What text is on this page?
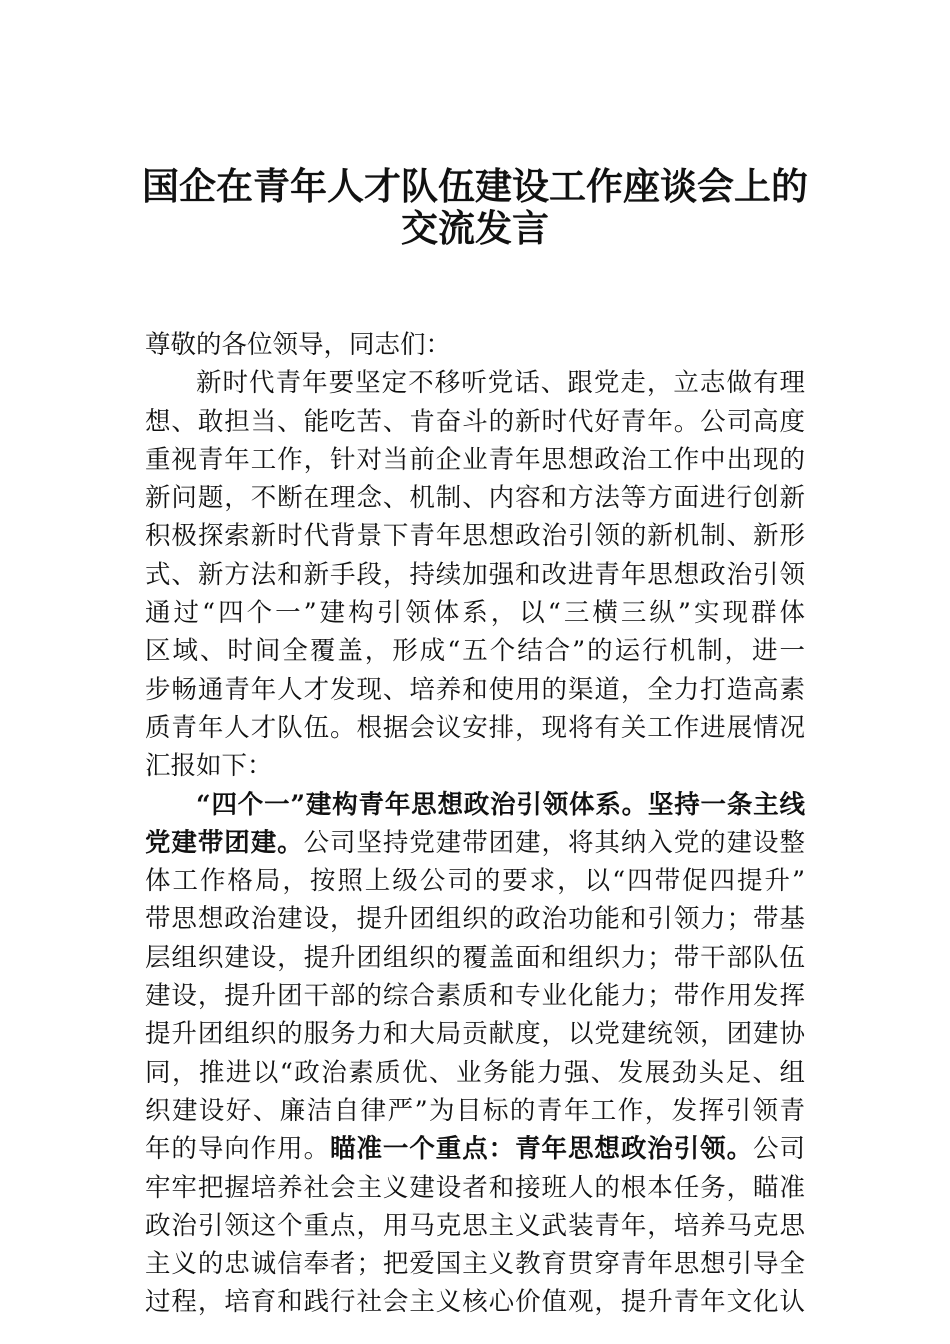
国企在青年人才队伍建设工作座谈会上的
交流发言
尊敬的各位领导，同志们：
新时代青年要坚定不移听党话、跟党走，立志做有理
想、敢担当、能吃苦、肯奋斗的新时代好青年。公司高度
重视青年工作，针对当前企业青年思想政治工作中出现的
新问题，不断在理念、机制、内容和方法等方面进行创新
积极探索新时代背景下青年思想政治引领的新机制、新形
式、新方法和新手段，持续加强和改进青年思想政治引领
通过“四个一”建构引领体系，以“三横三纵”实现群体
区域、时间全覆盖，形成“五个结合”的运行机制，进一
步畅通青年人才发现、培养和使用的渠道，全力打造高素
质青年人才队伍。根据会议安排，现将有关工作进展情况
汇报如下：
“四个一”建构青年思想政治引领体系。坚持一条主线
党建带团建。公司坚持党建带团建，将其纳入党的建设整
体工作格局，按照上级公司的要求，以“四带促四提升”
带思想政治建设，提升团组织的政治功能和引领力；带基
层组织建设，提升团组织的覆盖面和组织力；带干部队伍
建设，提升团干部的综合素质和专业化能力；带作用发挥
提升团组织的服务力和大局贡献度，以党建统领，团建协
同，推进以“政治素质优、业务能力强、发展劲头足、组
织建设好、廉洁自律严”为目标的青年工作，发挥引领青
年的导向作用。瞄准一个重点：青年思想政治引领。公司
牢牢把握培养社会主义建设者和接班人的根本任务，瞄准
政治引领这个重点，用马克思主义武装青年，培养马克思
主义的忠诚信奉者；把爱国主义教育贯穿青年思想引导全
过程，培育和践行社会主义核心价值观，提升青年文化认
